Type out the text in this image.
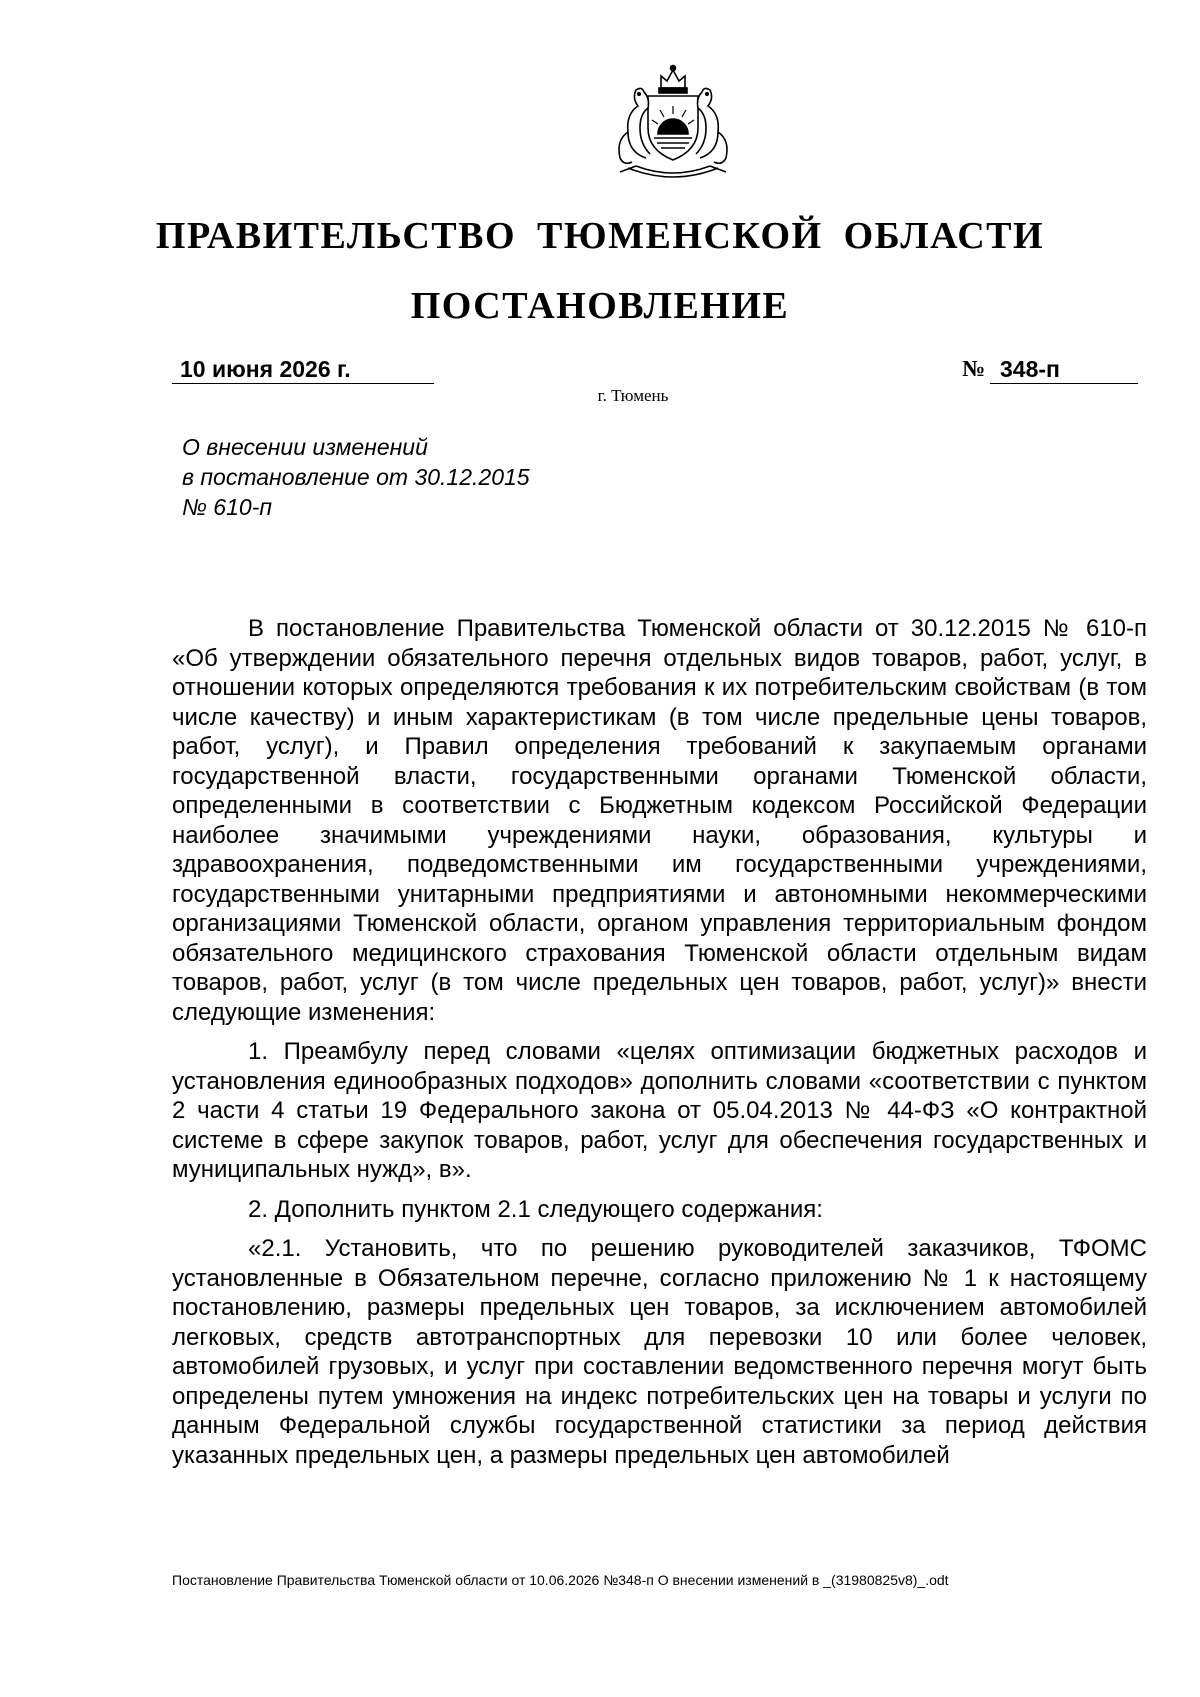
ПРАВИТЕЛЬСТВО ТЮМЕНСКОЙ ОБЛАСТИ
ПОСТАНОВЛЕНИЕ
10 июня 2026 г.	№ 348-п
г. Тюмень
О внесении изменений
в постановление от 30.12.2015
№ 610-п

В постановление Правительства Тюменской области от 30.12.2015 № 610-п «Об утверждении обязательного перечня отдельных видов товаров, работ, услуг, в отношении которых определяются требования к их потребительским свойствам (в том числе качеству) и иным характеристикам (в том числе предельные цены товаров, работ, услуг), и Правил определения требований к закупаемым органами государственной власти, государственными органами Тюменской области, определенными в соответствии с Бюджетным кодексом Российской Федерации наиболее значимыми учреждениями науки, образования, культуры и здравоохранения, подведомственными им государственными учреждениями, государственными унитарными предприятиями и автономными некоммерческими организациями Тюменской области, органом управления территориальным фондом обязательного медицинского страхования Тюменской области отдельным видам товаров, работ, услуг (в том числе предельных цен товаров, работ, услуг)» внести следующие изменения:

1. Преамбулу перед словами «целях оптимизации бюджетных расходов и установления единообразных подходов» дополнить словами «соответствии с пунктом 2 части 4 статьи 19 Федерального закона от 05.04.2013 № 44-ФЗ «О контрактной системе в сфере закупок товаров, работ, услуг для обеспечения государственных и муниципальных нужд», в».

2. Дополнить пунктом 2.1 следующего содержания:

«2.1. Установить, что по решению руководителей заказчиков, ТФОМС установленные в Обязательном перечне, согласно приложению № 1 к настоящему постановлению, размеры предельных цен товаров, за исключением автомобилей легковых, средств автотранспортных для перевозки 10 или более человек, автомобилей грузовых, и услуг при составлении ведомственного перечня могут быть определены путем умножения на индекс потребительских цен на товары и услуги по данным Федеральной службы государственной статистики за период действия указанных предельных цен, а размеры предельных цен автомобилей

Постановление Правительства Тюменской области от 10.06.2026 №348-п О внесении изменений в _(31980825v8)_.odt
